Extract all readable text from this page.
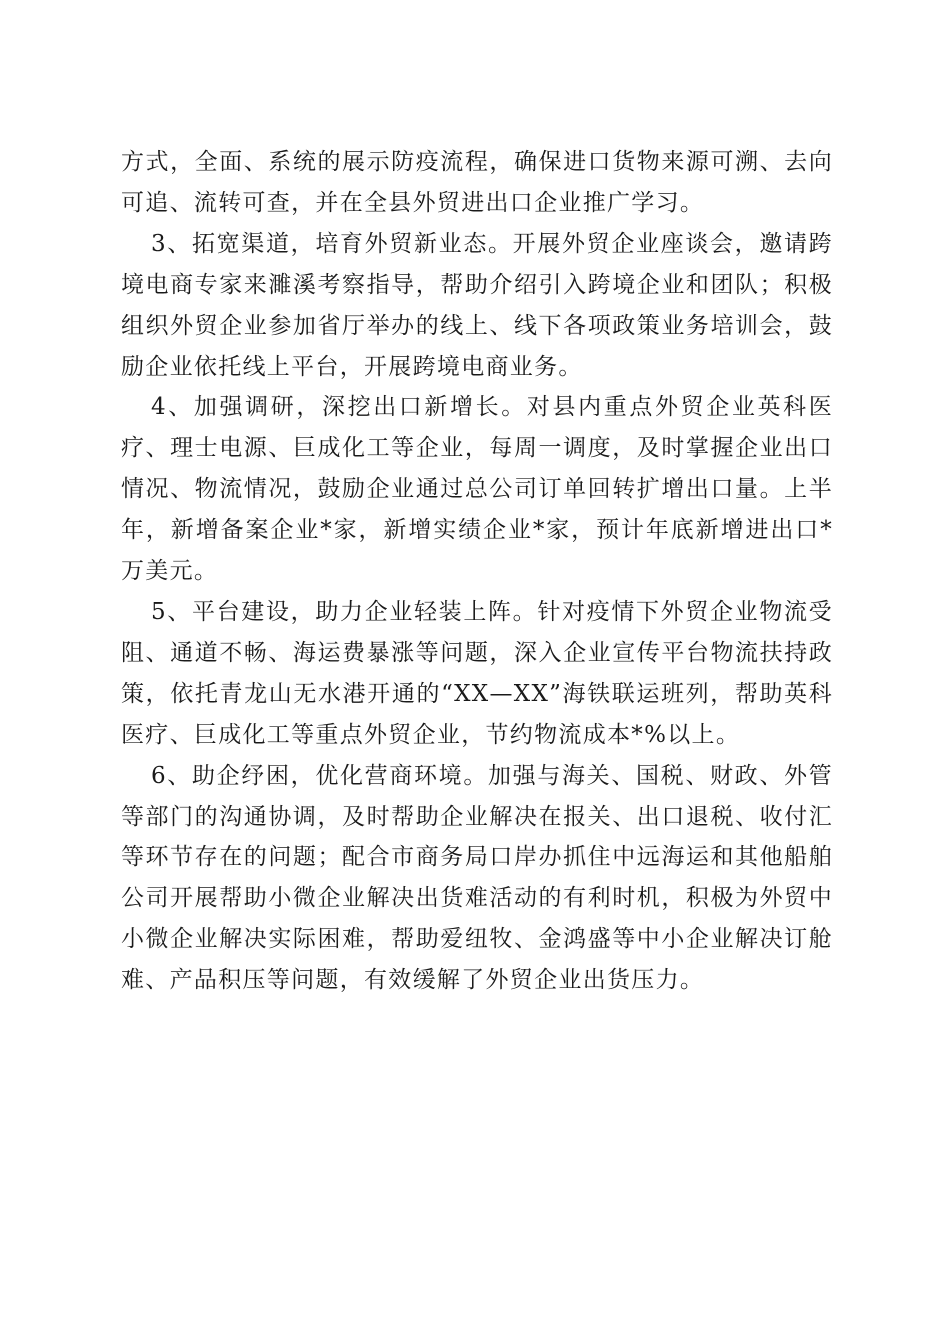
方式，全面、系统的展示防疫流程，确保进口货物来源可溯、去向可追、流转可查，并在全县外贸进出口企业推广学习。

3、拓宽渠道，培育外贸新业态。开展外贸企业座谈会，邀请跨境电商专家来濉溪考察指导，帮助介绍引入跨境企业和团队；积极组织外贸企业参加省厅举办的线上、线下各项政策业务培训会，鼓励企业依托线上平台，开展跨境电商业务。

4、加强调研，深挖出口新增长。对县内重点外贸企业英科医疗、理士电源、巨成化工等企业，每周一调度，及时掌握企业出口情况、物流情况，鼓励企业通过总公司订单回转扩增出口量。上半年，新增备案企业*家，新增实绩企业*家，预计年底新增进出口*万美元。

5、平台建设，助力企业轻装上阵。针对疫情下外贸企业物流受阻、通道不畅、海运费暴涨等问题，深入企业宣传平台物流扶持政策，依托青龙山无水港开通的“XX—XX”海铁联运班列，帮助英科医疗、巨成化工等重点外贸企业，节约物流成本*%以上。

6、助企纾困，优化营商环境。加强与海关、国税、财政、外管等部门的沟通协调，及时帮助企业解决在报关、出口退税、收付汇等环节存在的问题；配合市商务局口岸办抓住中远海运和其他船舶公司开展帮助小微企业解决出货难活动的有利时机，积极为外贸中小微企业解决实际困难，帮助爱纽牧、金鸿盛等中小企业解决订舱难、产品积压等问题，有效缓解了外贸企业出货压力。
